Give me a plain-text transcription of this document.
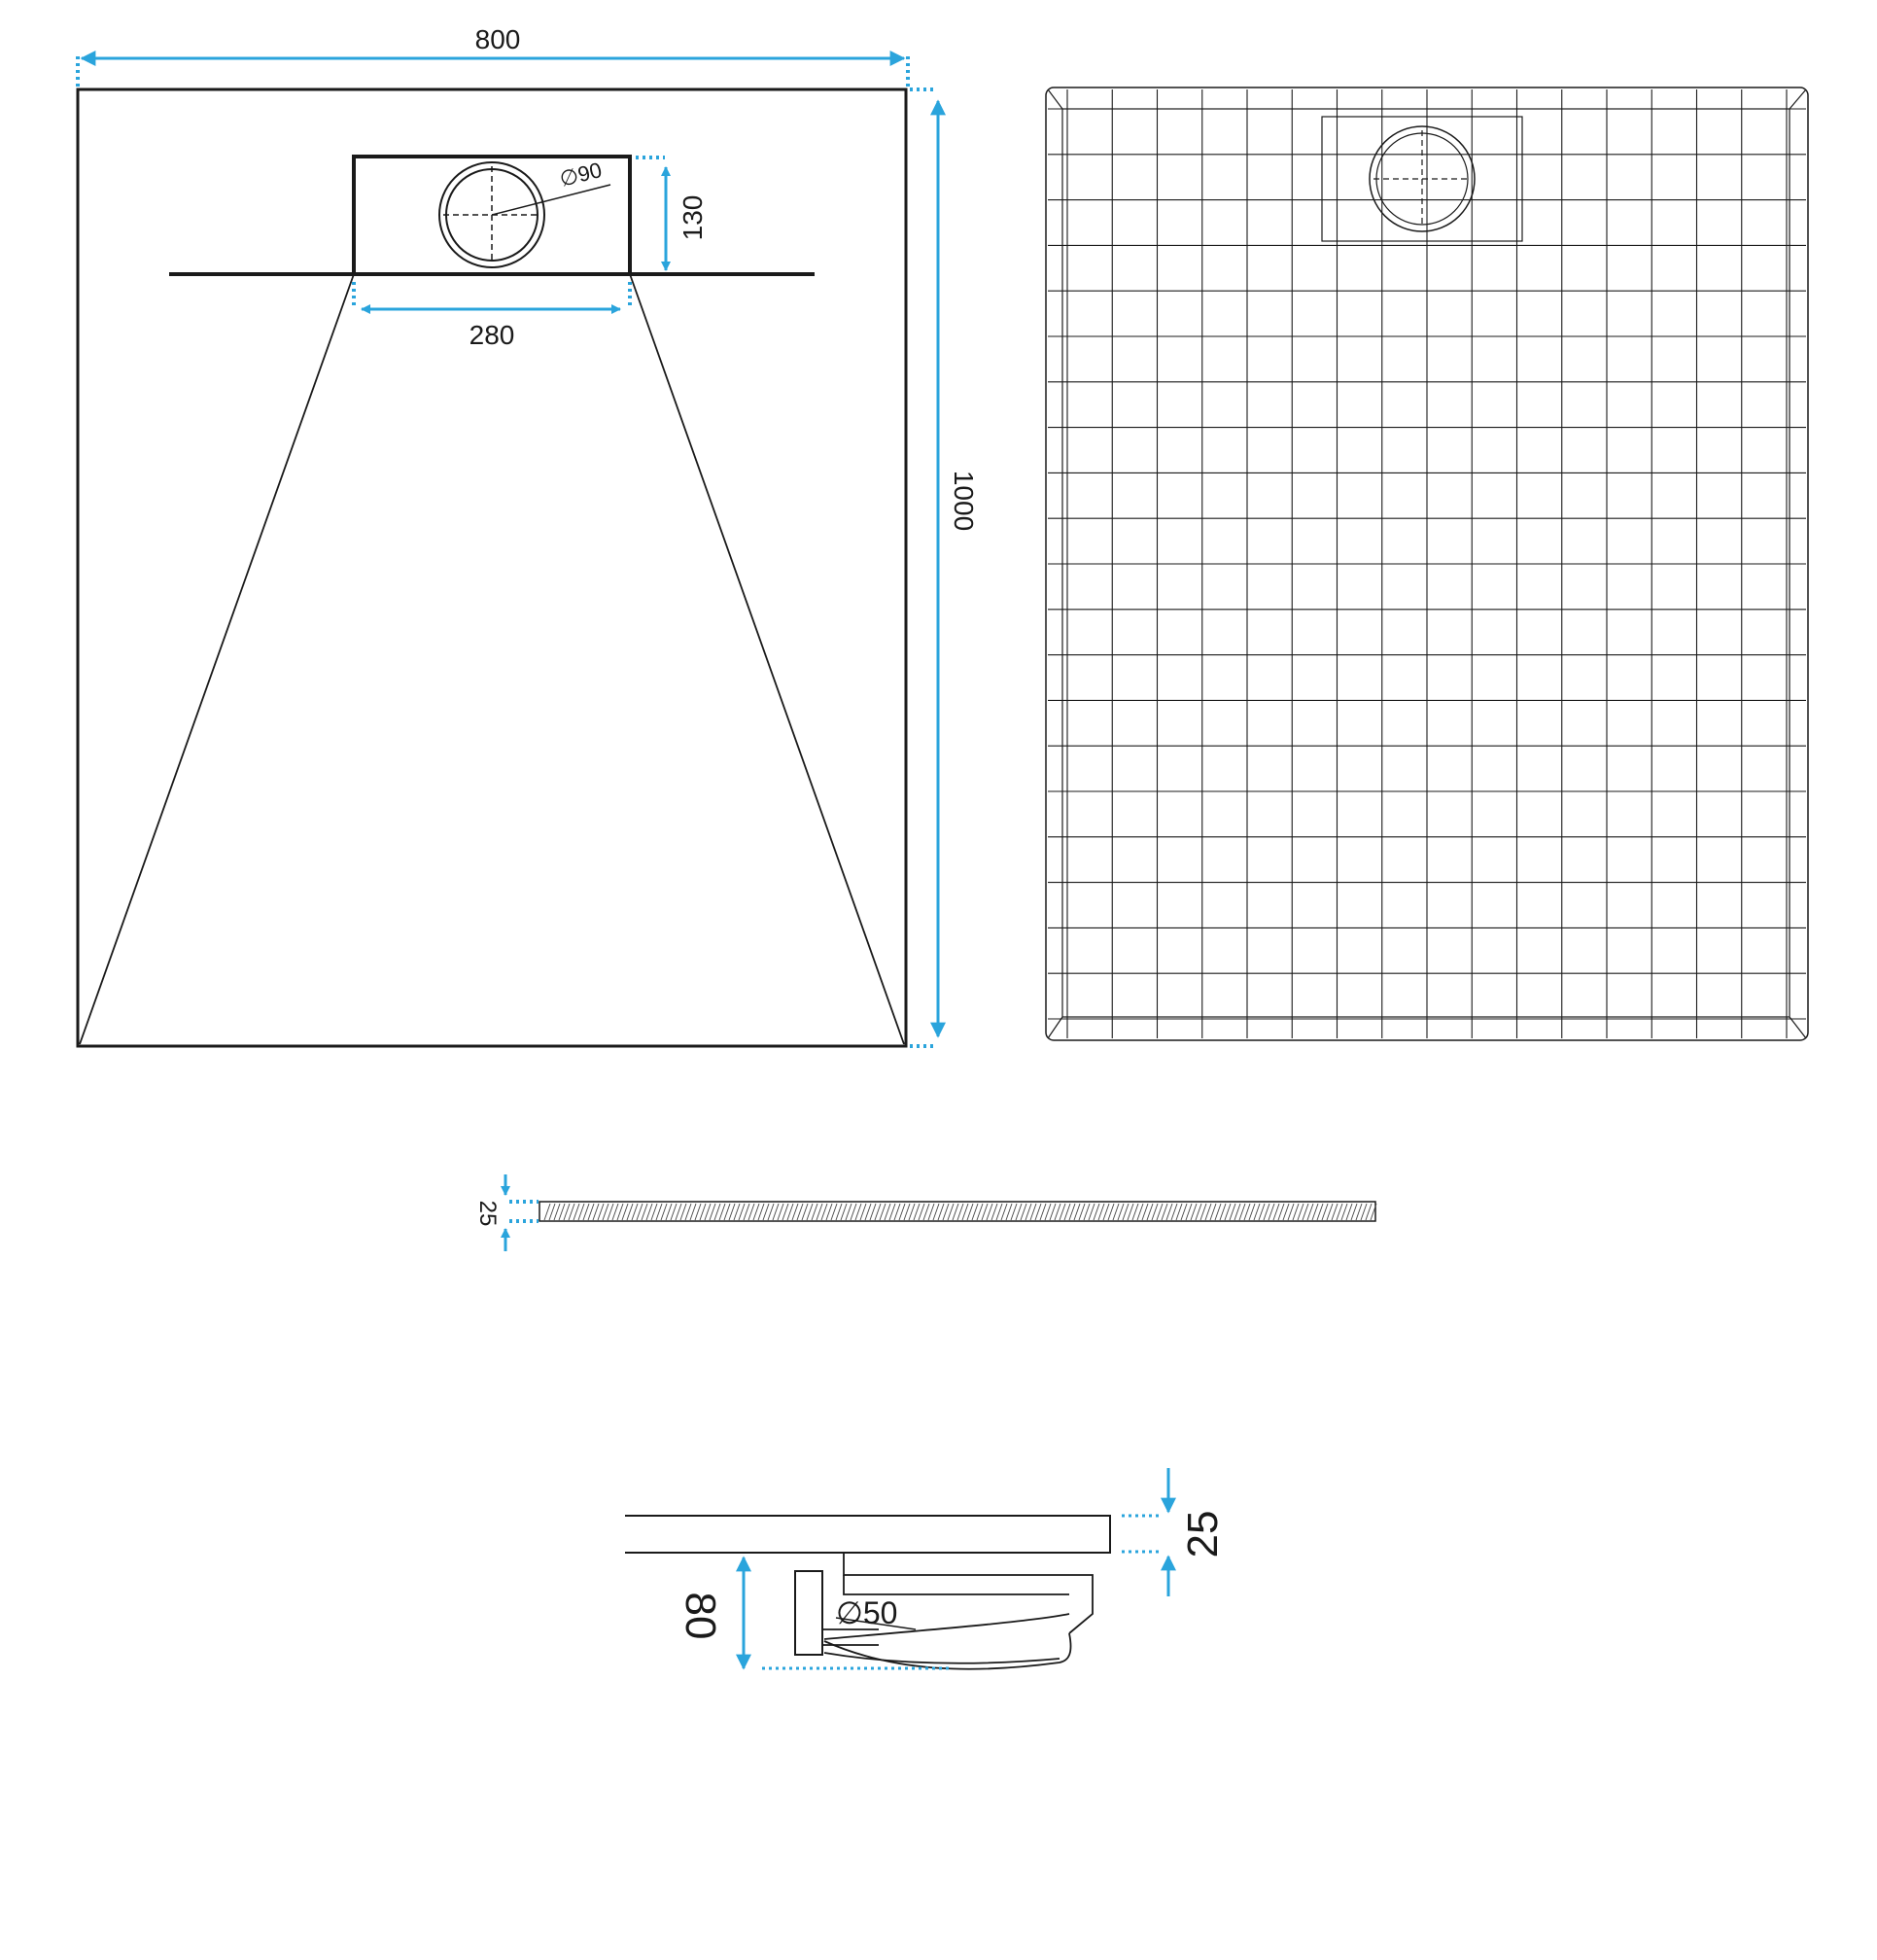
800
∅90
130
280
1000
25
∅50
80
25
